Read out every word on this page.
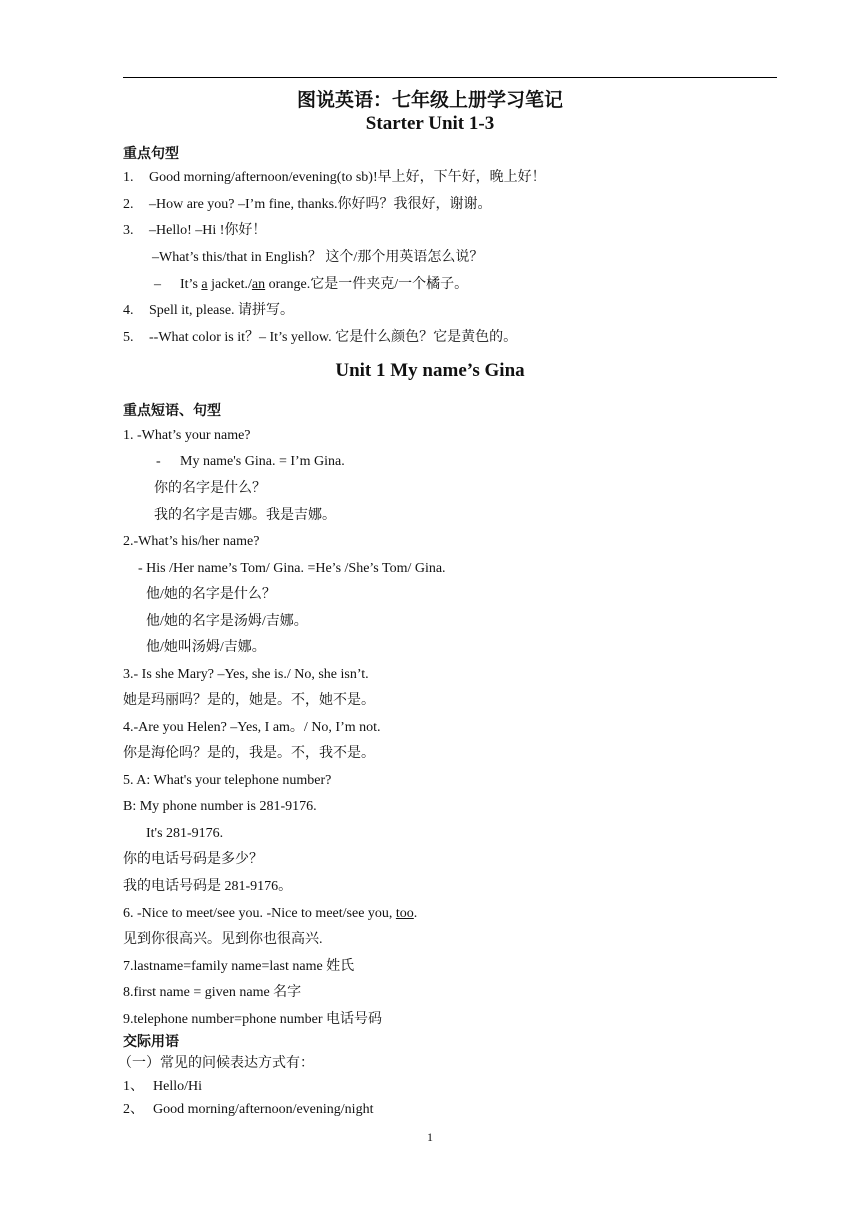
图说英语：七年级上册学习笔记
Starter Unit 1-3
重点句型
1. Good morning/afternoon/evening(to sb)!早上好，下午好，晚上好！
2. –How are you? –I’m fine, thanks.你好吗？我很好，谢谢。
3. –Hello! –Hi !你好！
–What’s this/that in English？ 这个/那个用英语怎么说？
– It’s a jacket./an orange.它是一件夹克/一个橘子。
4. Spell it, please. 请拼写。
5. --What color is it？– It’s yellow. 它是什么颜色？它是黄色的。
Unit 1 My name’s Gina
重点短语、句型
1. -What’s your name?
- My name's Gina. = I’m Gina.
你的名字是什么？
我的名字是吉娜。我是吉娜。
2.-What’s his/her name?
- His /Her name’s Tom/ Gina. =He’s /She’s Tom/ Gina.
他/她的名字是什么？
他/她的名字是汤姆/吉娜。
他/她叫汤姆/吉娜。
3.- Is she Mary? –Yes, she is./ No, she isn’t.
她是玛丽吗？是的，她是。不，她不是。
4.-Are you Helen? –Yes, I am。/ No, I’m not.
你是海伦吗？是的，我是。不，我不是。
5. A: What's your telephone number?
B: My phone number is 281-9176.
It's 281-9176.
你的电话号码是多少？
我的电话号码是 281-9176。
6. -Nice to meet/see you. -Nice to meet/see you, too.
见到你很高兴。见到你也很高兴.
7.lastname=family name=last name 姓氏
8.first name = given name 名字
9.telephone number=phone number 电话号码
交际用语
（一）常见的问候表达方式有：
1、 Hello/Hi
2、 Good morning/afternoon/evening/night
1
